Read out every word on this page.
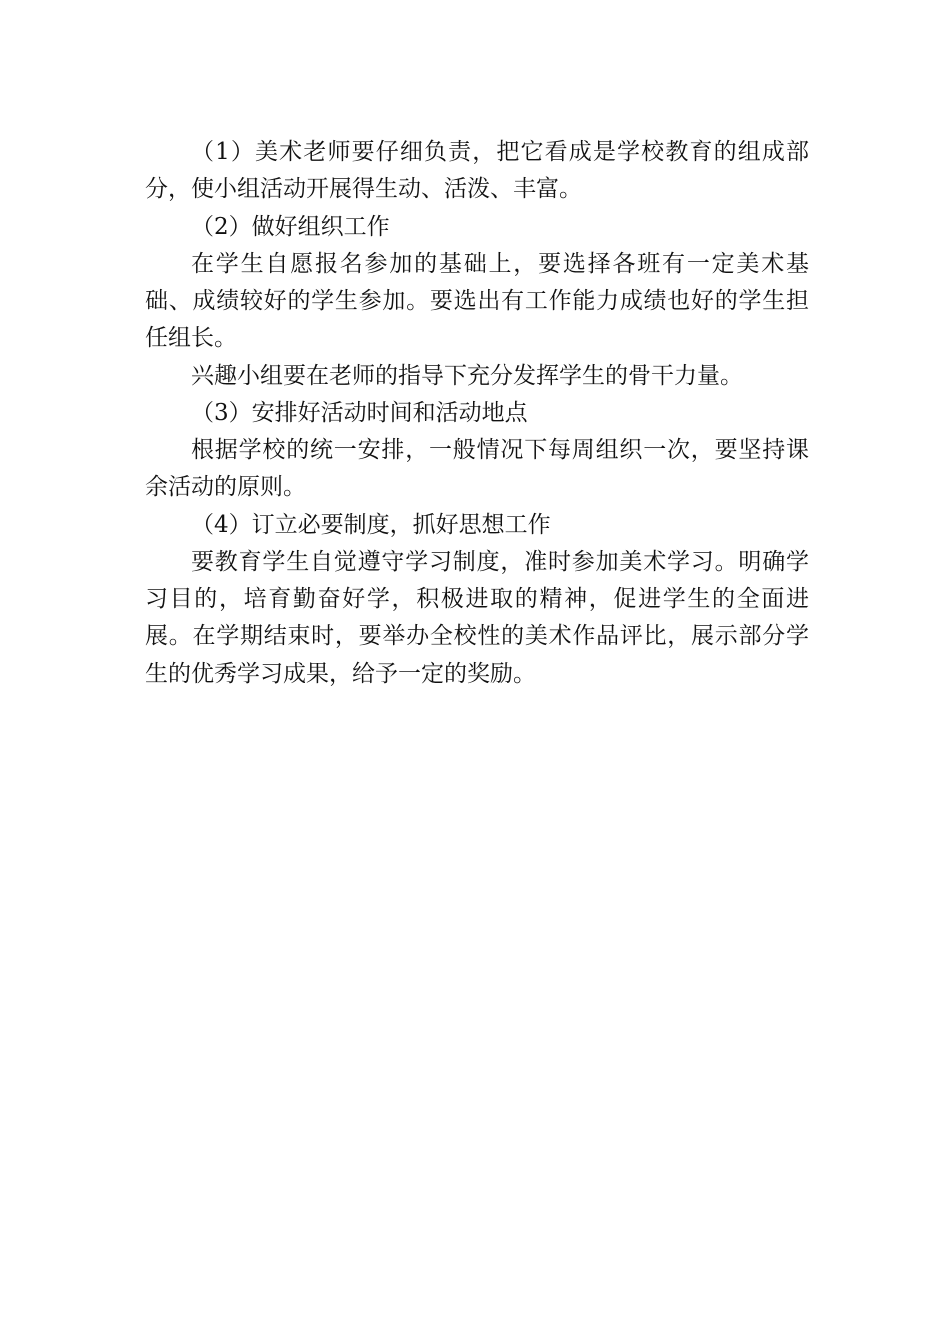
（1）美术老师要仔细负责，把它看成是学校教育的组成部分，使小组活动开展得生动、活泼、丰富。

（2）做好组织工作

在学生自愿报名参加的基础上，要选择各班有一定美术基础、成绩较好的学生参加。要选出有工作能力成绩也好的学生担任组长。

兴趣小组要在老师的指导下充分发挥学生的骨干力量。

（3）安排好活动时间和活动地点

根据学校的统一安排，一般情况下每周组织一次，要坚持课余活动的原则。

（4）订立必要制度，抓好思想工作

要教育学生自觉遵守学习制度，准时参加美术学习。明确学习目的，培育勤奋好学，积极进取的精神，促进学生的全面进展。在学期结束时，要举办全校性的美术作品评比，展示部分学生的优秀学习成果，给予一定的奖励。
